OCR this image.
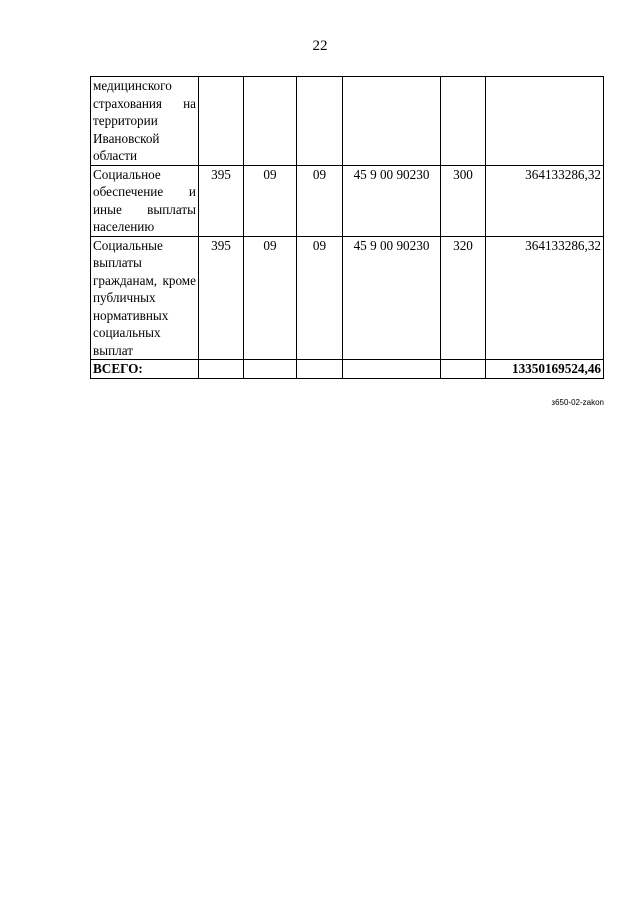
22
медицинского страхования на территории Ивановской области						
Социальное обеспечение и иные выплаты населению	395	09	09	45 9 00 90230	300	364133286,32
Социальные выплаты гражданам, кроме публичных нормативных социальных выплат	395	09	09	45 9 00 90230	320	364133286,32
ВСЕГО:						13350169524,46
з650-02-zakon
